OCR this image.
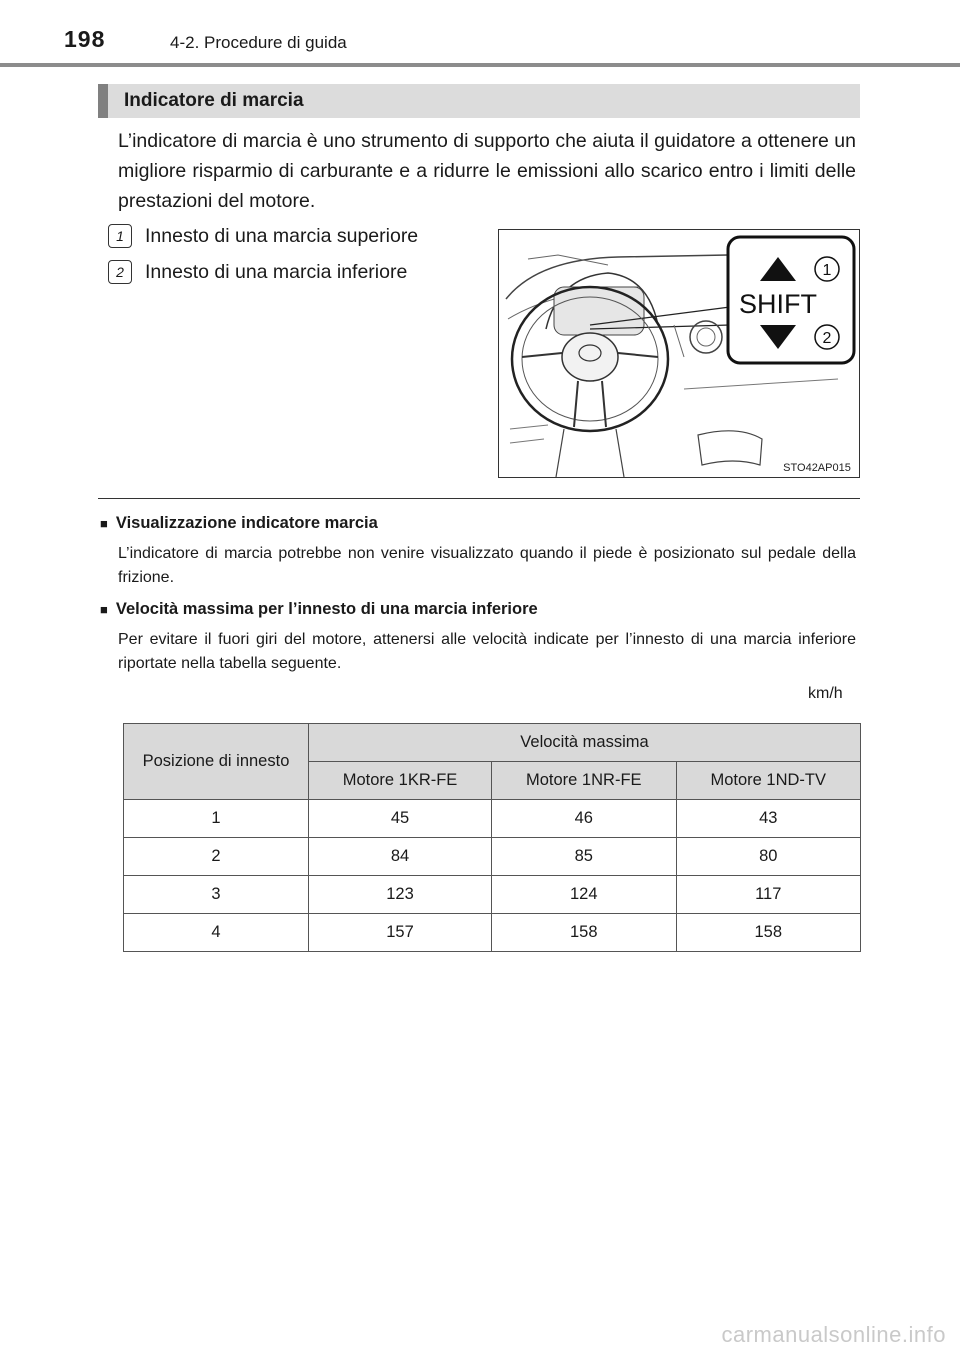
198	4-2. Procedure di guida
Indicatore di marcia
L’indicatore di marcia è uno strumento di supporto che aiuta il guidatore a ottenere un migliore risparmio di carburante e a ridurre le emissioni allo scarico entro i limiti delle prestazioni del motore.
1	Innesto di una marcia superiore
2	Innesto di una marcia inferiore
SHIFT
1
2
STO42AP015
■ Visualizzazione indicatore marcia
L’indicatore di marcia potrebbe non venire visualizzato quando il piede è posizionato sul pedale della frizione.
■ Velocità massima per l’innesto di una marcia inferiore
Per evitare il fuori giri del motore, attenersi alle velocità indicate per l’innesto di una marcia inferiore riportate nella tabella seguente.
km/h
Posizione di innesto	Velocità massima		
	Motore 1KR-FE	Motore 1NR-FE	Motore 1ND-TV
1	45	46	43
2	84	85	80
3	123	124	117
4	157	158	158
carmanualsonline.info
